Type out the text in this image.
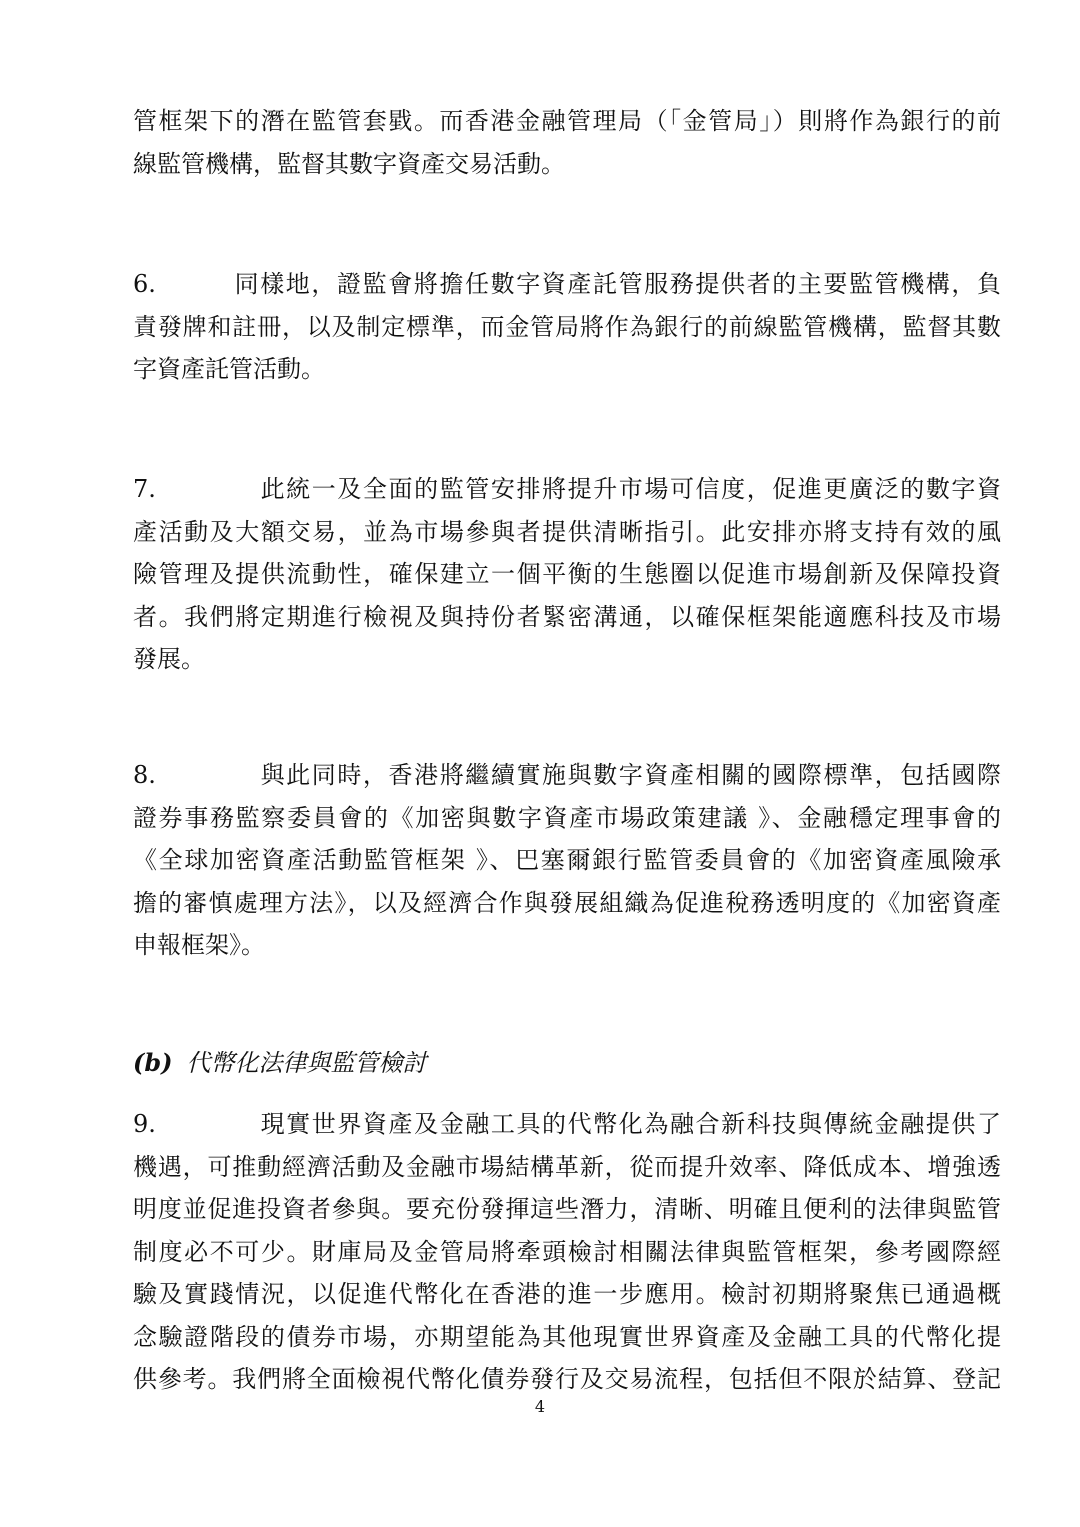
管框架下的潛在監管套戥。而香港金融管理局（「金管局」）則將作為銀行的前
線監管機構，監督其數字資產交易活動。
6.	同樣地，證監會將擔任數字資產託管服務提供者的主要監管機構，負
責發牌和註冊，以及制定標準，而金管局將作為銀行的前線監管機構，監督其數
字資產託管活動。
7.	此統一及全面的監管安排將提升市場可信度，促進更廣泛的數字資
產活動及大額交易，並為市場參與者提供清晰指引。此安排亦將支持有效的風
險管理及提供流動性，確保建立一個平衡的生態圈以促進市場創新及保障投資
者。我們將定期進行檢視及與持份者緊密溝通，以確保框架能適應科技及市場
發展。
8.	與此同時，香港將繼續實施與數字資產相關的國際標準，包括國際
證券事務監察委員會的《加密與數字資產市場政策建議 》、金融穩定理事會的
《全球加密資產活動監管框架 》、巴塞爾銀行監管委員會的《加密資產風險承
擔的審慎處理方法》，以及經濟合作與發展組織為促進稅務透明度的《加密資產
申報框架》。
(b) 代幣化法律與監管檢討
9.	現實世界資產及金融工具的代幣化為融合新科技與傳統金融提供了
機遇，可推動經濟活動及金融市場結構革新，從而提升效率、降低成本、增強透
明度並促進投資者參與。要充份發揮這些潛力，清晰、明確且便利的法律與監管
制度必不可少。財庫局及金管局將牽頭檢討相關法律與監管框架，參考國際經
驗及實踐情況，以促進代幣化在香港的進一步應用。檢討初期將聚焦已通過概
念驗證階段的債券市場，亦期望能為其他現實世界資產及金融工具的代幣化提
供參考。我們將全面檢視代幣化債券發行及交易流程，包括但不限於結算、登記
4
